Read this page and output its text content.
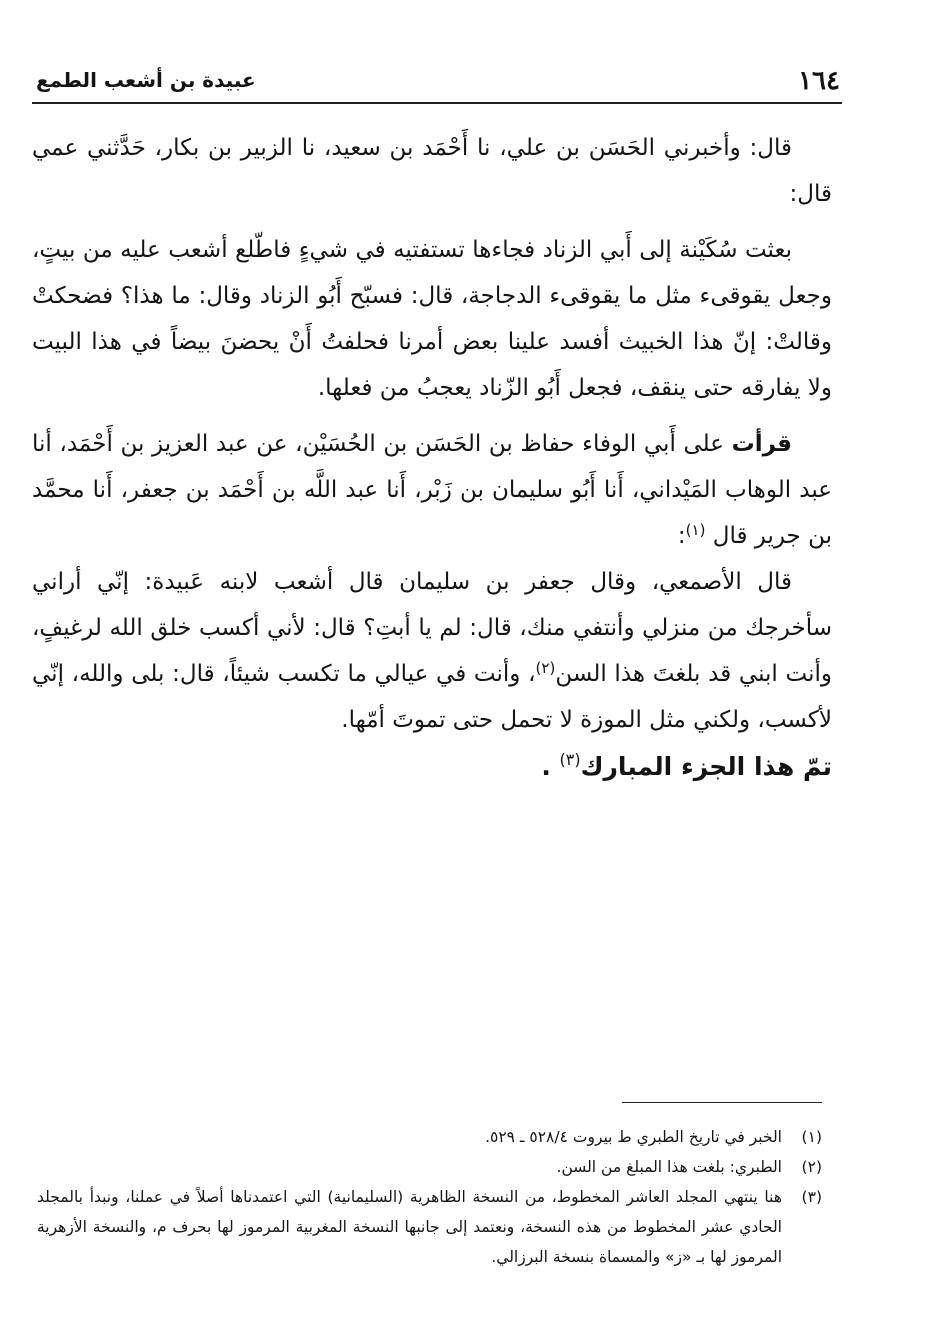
١٦٤
عبيدة بن أشعب الطمع

قال: وأخبرني الحَسَن بن علي، نا أَحْمَد بن سعيد، نا الزبير بن بكار، حَدَّثني عمي قال:

بعثت سُكَيْنة إلى أَبي الزناد فجاءها تستفتيه في شيءٍ فاطّلع أشعب عليه من بيتٍ، وجعل يقوقىء مثل ما يقوقىء الدجاجة، قال: فسبّح أَبُو الزناد وقال: ما هذا؟ فضحكتْ وقالتْ: إنّ هذا الخبيث أفسد علينا بعض أمرنا فحلفتُ أَنْ يحضنَ بيضاً في هذا البيت ولا يفارقه حتى ينقف، فجعل أَبُو الزّناد يعجبُ من فعلها.

قرأت على أَبي الوفاء حفاظ بن الحَسَن بن الحُسَيْن، عن عبد العزيز بن أَحْمَد، أنا عبد الوهاب المَيْداني، أَنا أَبُو سليمان بن زَبْر، أَنا عبد اللَّه بن أَحْمَد بن جعفر، أَنا محمَّد بن جرير قال $^{(١)}$:

قال الأصمعي، وقال جعفر بن سليمان قال أشعب لابنه عَبيدة: إنّي أراني سأخرجك من منزلي وأنتفي منك، قال: لم يا أبتِ؟ قال: لأني أكسب خلق الله لرغيفٍ، وأنت ابني قد بلغتَ هذا السن$^{(٢)}$، وأنت في عيالي ما تكسب شيئاً، قال: بلى والله، إنّي لأكسب، ولكني مثل الموزة لا تحمل حتى تموتَ أمّها.

تمّ هذا الجزء المبارك$^{(٣)}$ .

(١)
الخبر في تاريخ الطبري ط بيروت ٥٢٨/٤ ـ ٥٢٩.

(٢)
الطبري: بلغت هذا المبلغ من السن.

(٣)
هنا ينتهي المجلد العاشر المخطوط، من النسخة الظاهرية (السليمانية) التي اعتمدناها أصلاً في عملنا، ونبدأ بالمجلد الحادي عشر المخطوط من هذه النسخة، ونعتمد إلى جانبها النسخة المغربية المرموز لها بحرف م، والنسخة الأزهرية المرموز لها بـ «ز» والمسماة بنسخة البرزالي.
